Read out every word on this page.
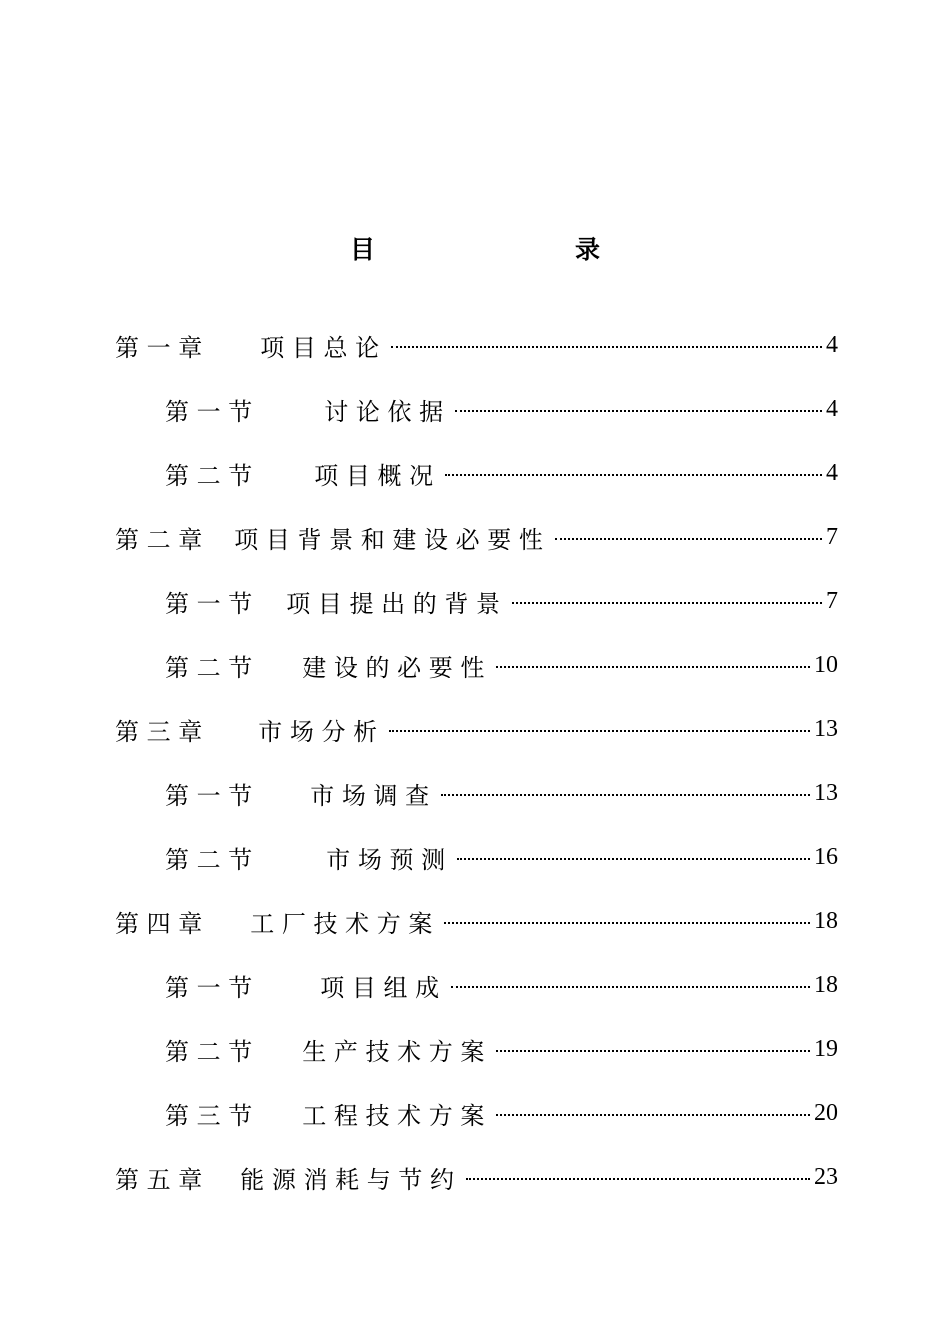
目　　录
第 一 章 项 目 总 论	4
第 一 节	讨 论 依 据	4
第 二 节	项 目 概 况	4
第 二 章 项 目 背 景 和 建 设 必 要 性	7
第 一 节 项 目 提 出 的 背 景	7
第 二 节 建 设 的 必 要 性	10
第 三 章 市 场 分 析	13
第 一 节 市 场 调 查	13
第 二 节	市 场 预 测	16
第 四 章 工 厂 技 术 方 案	18
第 一 节	项 目 组 成	18
第 二 节 生 产 技 术 方 案	19
第 三 节 工 程 技 术 方 案	20
第 五 章 能 源 消 耗 与 节 约	23
